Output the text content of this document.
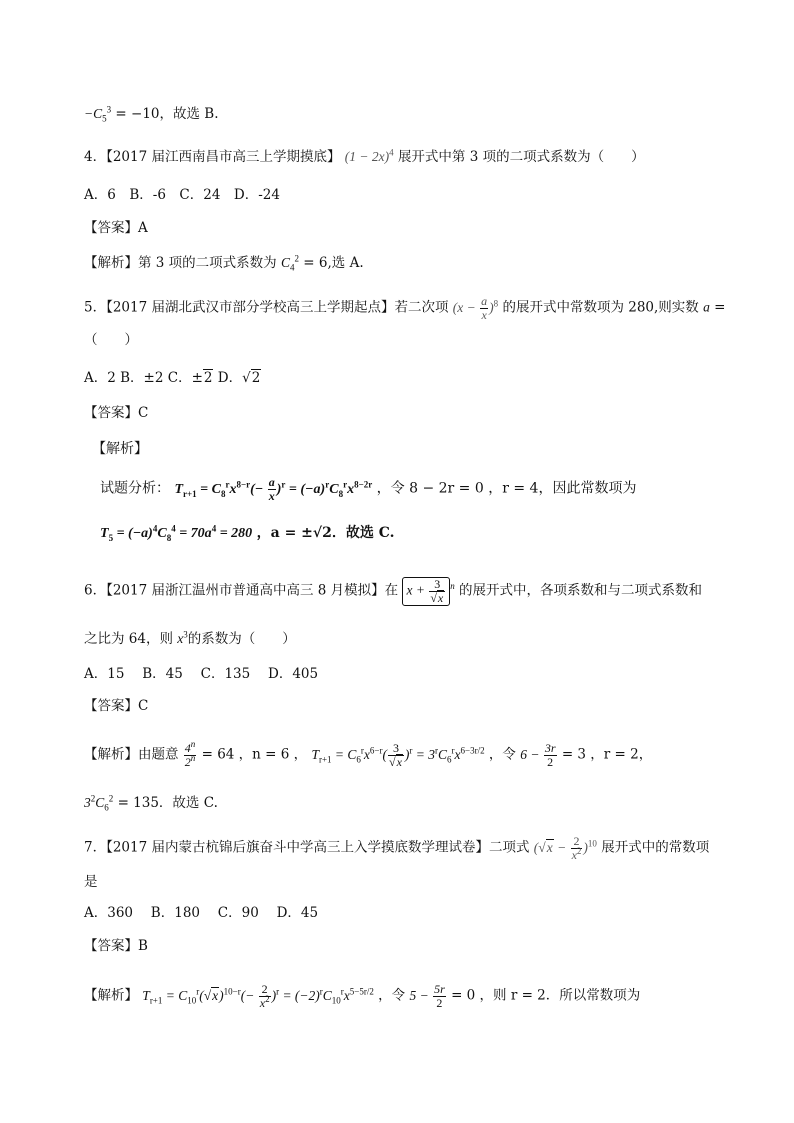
$-C_5^3 = -10$，故选 B.
4．【2017 届江西南昌市高三上学期摸底】 $(1 - 2x)^4$ 展开式中第 3 项的二项式系数为（　　）
A．6　B．-6　C．24　D．-24
【答案】A
【解析】第 3 项的二项式系数为 $C_4^2 = 6$,选 A.
5．【2017 届湖北武汉市部分学校高三上学期起点】若二次项 $(x - \frac{a}{x} )^8$ 的展开式中常数项为 280,则实数 a =
（　　）
A．2 B．±2 C．±2 D．√2
【答案】C
【解析】
试题分析： $T_{r+1} = C_8^rx^{8-r}(- \frac{a}{x} )^r = (-a)^rC_8^rx^{8-2r}$ ，令 8 − 2r = 0 ，r = 4，因此常数项为
$T_5 = (-a)^4C_8^4 = 70a^4 = 280$ ，a = ±√2．故选 C.
6．【2017 届浙江温州市普通高中高三 8 月模拟】在 $x + \frac{3}{√x} ^n$ 的展开式中，各项系数和与二项式系数和
之比为 64，则 $x^3$的系数为（　　）
A．15　 B．45　 C．135　 D．405
【答案】C
【解析】由题意 $\frac{4^n}{2^n} = 64$ ，n = 6 ， $T_{r+1} = C_6^rx^{6-r}( \frac{3}{√x} )^r = 3^rC_6^rx^{6-3r/2}$ ，令 $6 - \frac{3r}{2} = 3$ ，r = 2，
$3^2C_6^2 = 135$．故选 C.
7．【2017 届内蒙古杭锦后旗奋斗中学高三上入学摸底数学理试卷】二项式 $(√x - \frac{2}{x^2} )^{10}$ 展开式中的常数项
是
A．360　 B．180　 C．90　 D．45
【答案】B
【解析】 $T_{r+1} = C_{10}^r(√x)^{10-r}(- \frac{2}{x^2} )^r = (-2)^rC_{10}^rx^{5-5r/2}$ ，令 $5 - \frac{5r}{2} = 0$ ，则 r = 2．所以常数项为
